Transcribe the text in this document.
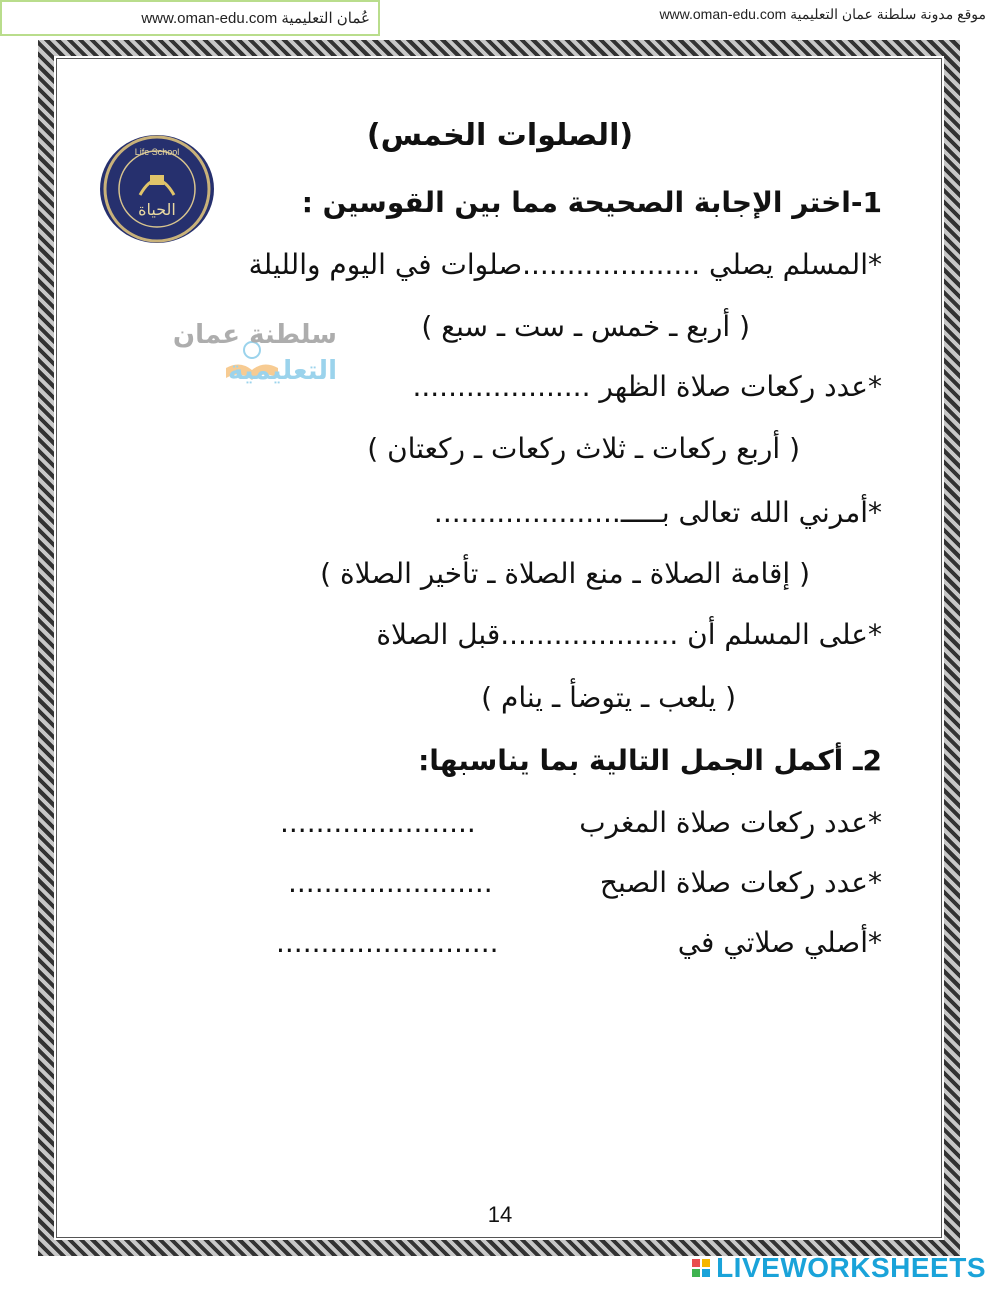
www.oman-edu.com عُمان التعليمية	www.oman-edu.com موقع مدونة سلطنة عمان التعليمية
الحياة
Life School
سلطنة عمان
التعليمية
(الصلوات الخمس)
1-اختر الإجابة الصحيحة مما بين القوسين :
*المسلم يصلي ....................صلوات في اليوم والليلة
( أربع ـ خمس ـ ست ـ سبع )
*عدد ركعات صلاة الظهر ....................
( أربع ركعات ـ ثلاث ركعات ـ ركعتان )
*أمرني الله تعالى بـــــ.....................
( إقامة الصلاة ـ منع الصلاة ـ تأخير الصلاة )
*على المسلم أن ....................قبل الصلاة
( يلعب ـ يتوضأ ـ ينام )
2ـ أكمل الجمل التالية بما يناسبها:
*عدد ركعات صلاة المغرب
......................
*عدد ركعات صلاة الصبح
.......................
*أصلي صلاتي في
.........................
14
LIVEWORKSHEETS
